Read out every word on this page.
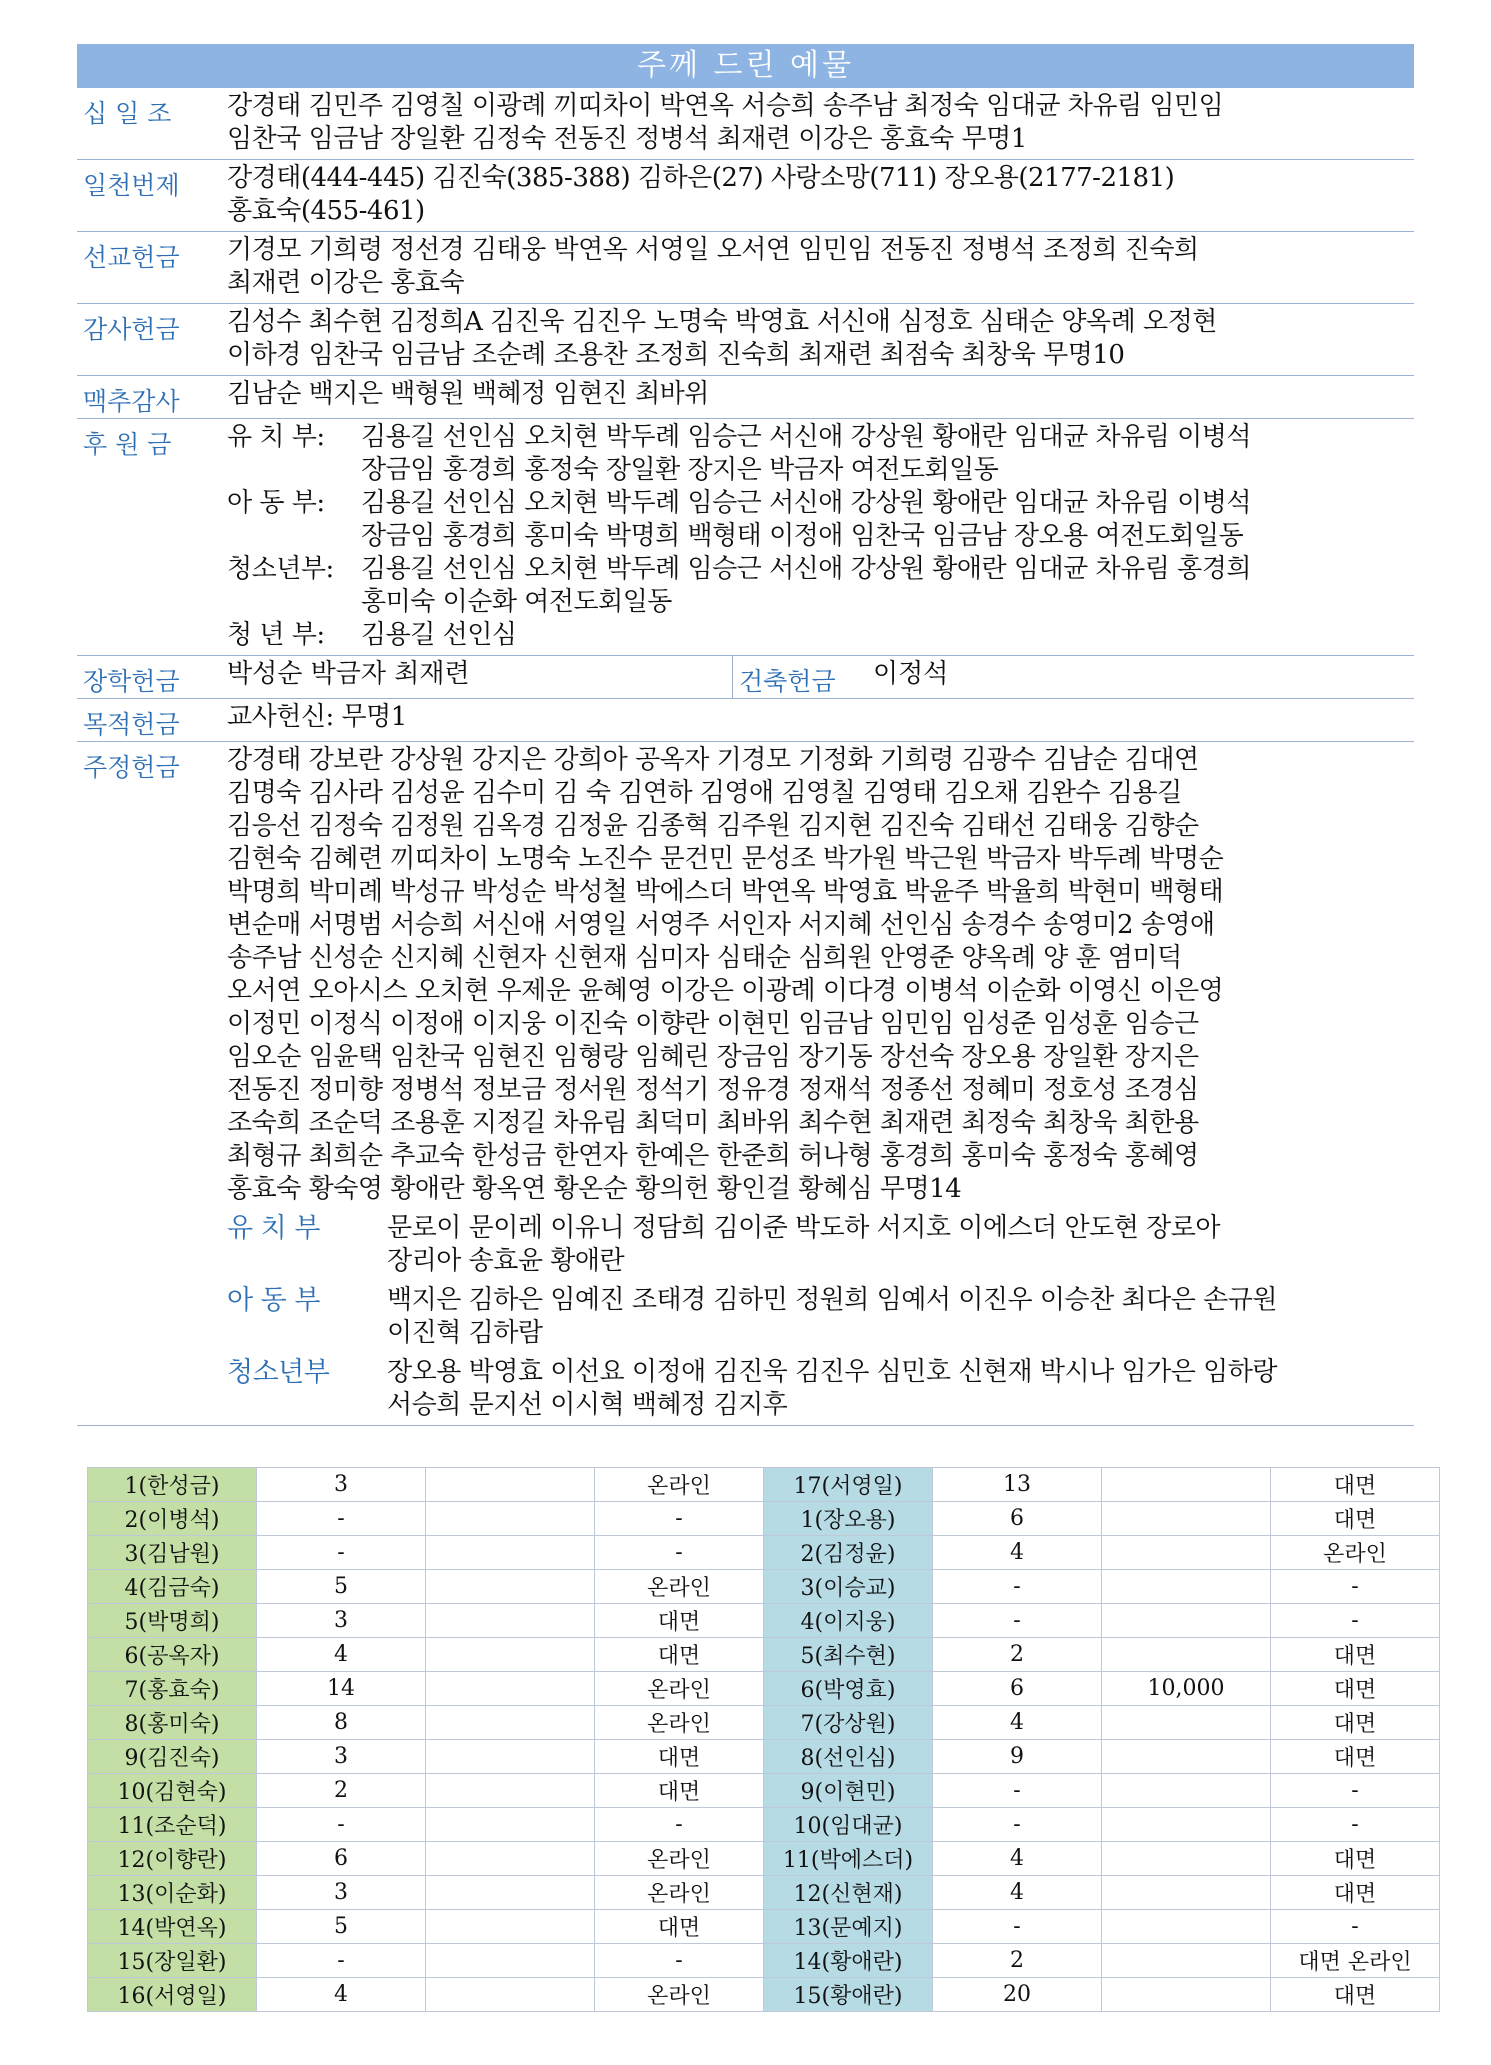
주께 드린 예물
십 일 조	강경태 김민주 김영칠 이광례 끼띠차이 박연옥 서승희 송주남 최정숙 임대균 차유림 임민임
임찬국 임금남 장일환 김정숙 전동진 정병석 최재련 이강은 홍효숙 무명1
일천번제	강경태(444-445) 김진숙(385-388) 김하은(27) 사랑소망(711) 장오용(2177-2181)
홍효숙(455-461)
선교헌금	기경모 기희령 정선경 김태웅 박연옥 서영일 오서연 임민임 전동진 정병석 조정희 진숙희
최재련 이강은 홍효숙
감사헌금	김성수 최수현 김정희A 김진욱 김진우 노명숙 박영효 서신애 심정호 심태순 양옥례 오정현
이하경 임찬국 임금남 조순례 조용찬 조정희 진숙희 최재련 최점숙 최창욱 무명10
맥추감사	김남순 백지은 백형원 백혜정 임현진 최바위
후 원 금	유 치 부:	김용길 선인심 오치현 박두례 임승근 서신애 강상원 황애란 임대균 차유림 이병석
장금임 홍경희 홍정숙 장일환 장지은 박금자 여전도회일동
아 동 부:	김용길 선인심 오치현 박두례 임승근 서신애 강상원 황애란 임대균 차유림 이병석
장금임 홍경희 홍미숙 박명희 백형태 이정애 임찬국 임금남 장오용 여전도회일동
청소년부:	김용길 선인심 오치현 박두례 임승근 서신애 강상원 황애란 임대균 차유림 홍경희
홍미숙 이순화 여전도회일동
청 년 부:	김용길 선인심
장학헌금	박성순 박금자 최재련	건축헌금	이정석
목적헌금	교사헌신: 무명1
주정헌금	강경태 강보란 강상원 강지은 강희아 공옥자 기경모 기정화 기희령 김광수 김남순 김대연
김명숙 김사라 김성윤 김수미 김 숙 김연하 김영애 김영칠 김영태 김오채 김완수 김용길
김응선 김정숙 김정원 김옥경 김정윤 김종혁 김주원 김지현 김진숙 김태선 김태웅 김향순
김현숙 김혜련 끼띠차이 노명숙 노진수 문건민 문성조 박가원 박근원 박금자 박두례 박명순
박명희 박미례 박성규 박성순 박성철 박에스더 박연옥 박영효 박윤주 박율희 박현미 백형태
변순매 서명범 서승희 서신애 서영일 서영주 서인자 서지혜 선인심 송경수 송영미2 송영애
송주남 신성순 신지혜 신현자 신현재 심미자 심태순 심희원 안영준 양옥례 양 훈 염미덕
오서연 오아시스 오치현 우제운 윤혜영 이강은 이광례 이다경 이병석 이순화 이영신 이은영
이정민 이정식 이정애 이지웅 이진숙 이향란 이현민 임금남 임민임 임성준 임성훈 임승근
임오순 임윤택 임찬국 임현진 임형랑 임혜린 장금임 장기동 장선숙 장오용 장일환 장지은
전동진 정미향 정병석 정보금 정서원 정석기 정유경 정재석 정종선 정혜미 정호성 조경심
조숙희 조순덕 조용훈 지정길 차유림 최덕미 최바위 최수현 최재련 최정숙 최창욱 최한용
최형규 최희순 추교숙 한성금 한연자 한예은 한준희 허나형 홍경희 홍미숙 홍정숙 홍혜영
홍효숙 황숙영 황애란 황옥연 황온순 황의헌 황인걸 황혜심 무명14
유 치 부	문로이 문이레 이유니 정담희 김이준 박도하 서지호 이에스더 안도현 장로아
장리아 송효윤 황애란
아 동 부	백지은 김하은 임예진 조태경 김하민 정원희 임예서 이진우 이승찬 최다은 손규원
이진혁 김하람
청소년부	장오용 박영효 이선요 이정애 김진욱 김진우 심민호 신현재 박시나 임가은 임하랑
서승희 문지선 이시혁 백혜정 김지후
1(한성금)	3		온라인	17(서영일)	13		대면
2(이병석)	-		-	1(장오용)	6		대면
3(김남원)	-		-	2(김정윤)	4		온라인
4(김금숙)	5		온라인	3(이승교)	-		-
5(박명희)	3		대면	4(이지웅)	-		-
6(공옥자)	4		대면	5(최수현)	2		대면
7(홍효숙)	14		온라인	6(박영효)	6	10,000	대면
8(홍미숙)	8		온라인	7(강상원)	4		대면
9(김진숙)	3		대면	8(선인심)	9		대면
10(김현숙)	2		대면	9(이현민)	-		-
11(조순덕)	-		-	10(임대균)	-		-
12(이향란)	6		온라인	11(박에스더)	4		대면
13(이순화)	3		온라인	12(신현재)	4		대면
14(박연옥)	5		대면	13(문예지)	-		-
15(장일환)	-		-	14(황애란)	2		대면 온라인
16(서영일)	4		온라인	15(황애란)	20		대면
